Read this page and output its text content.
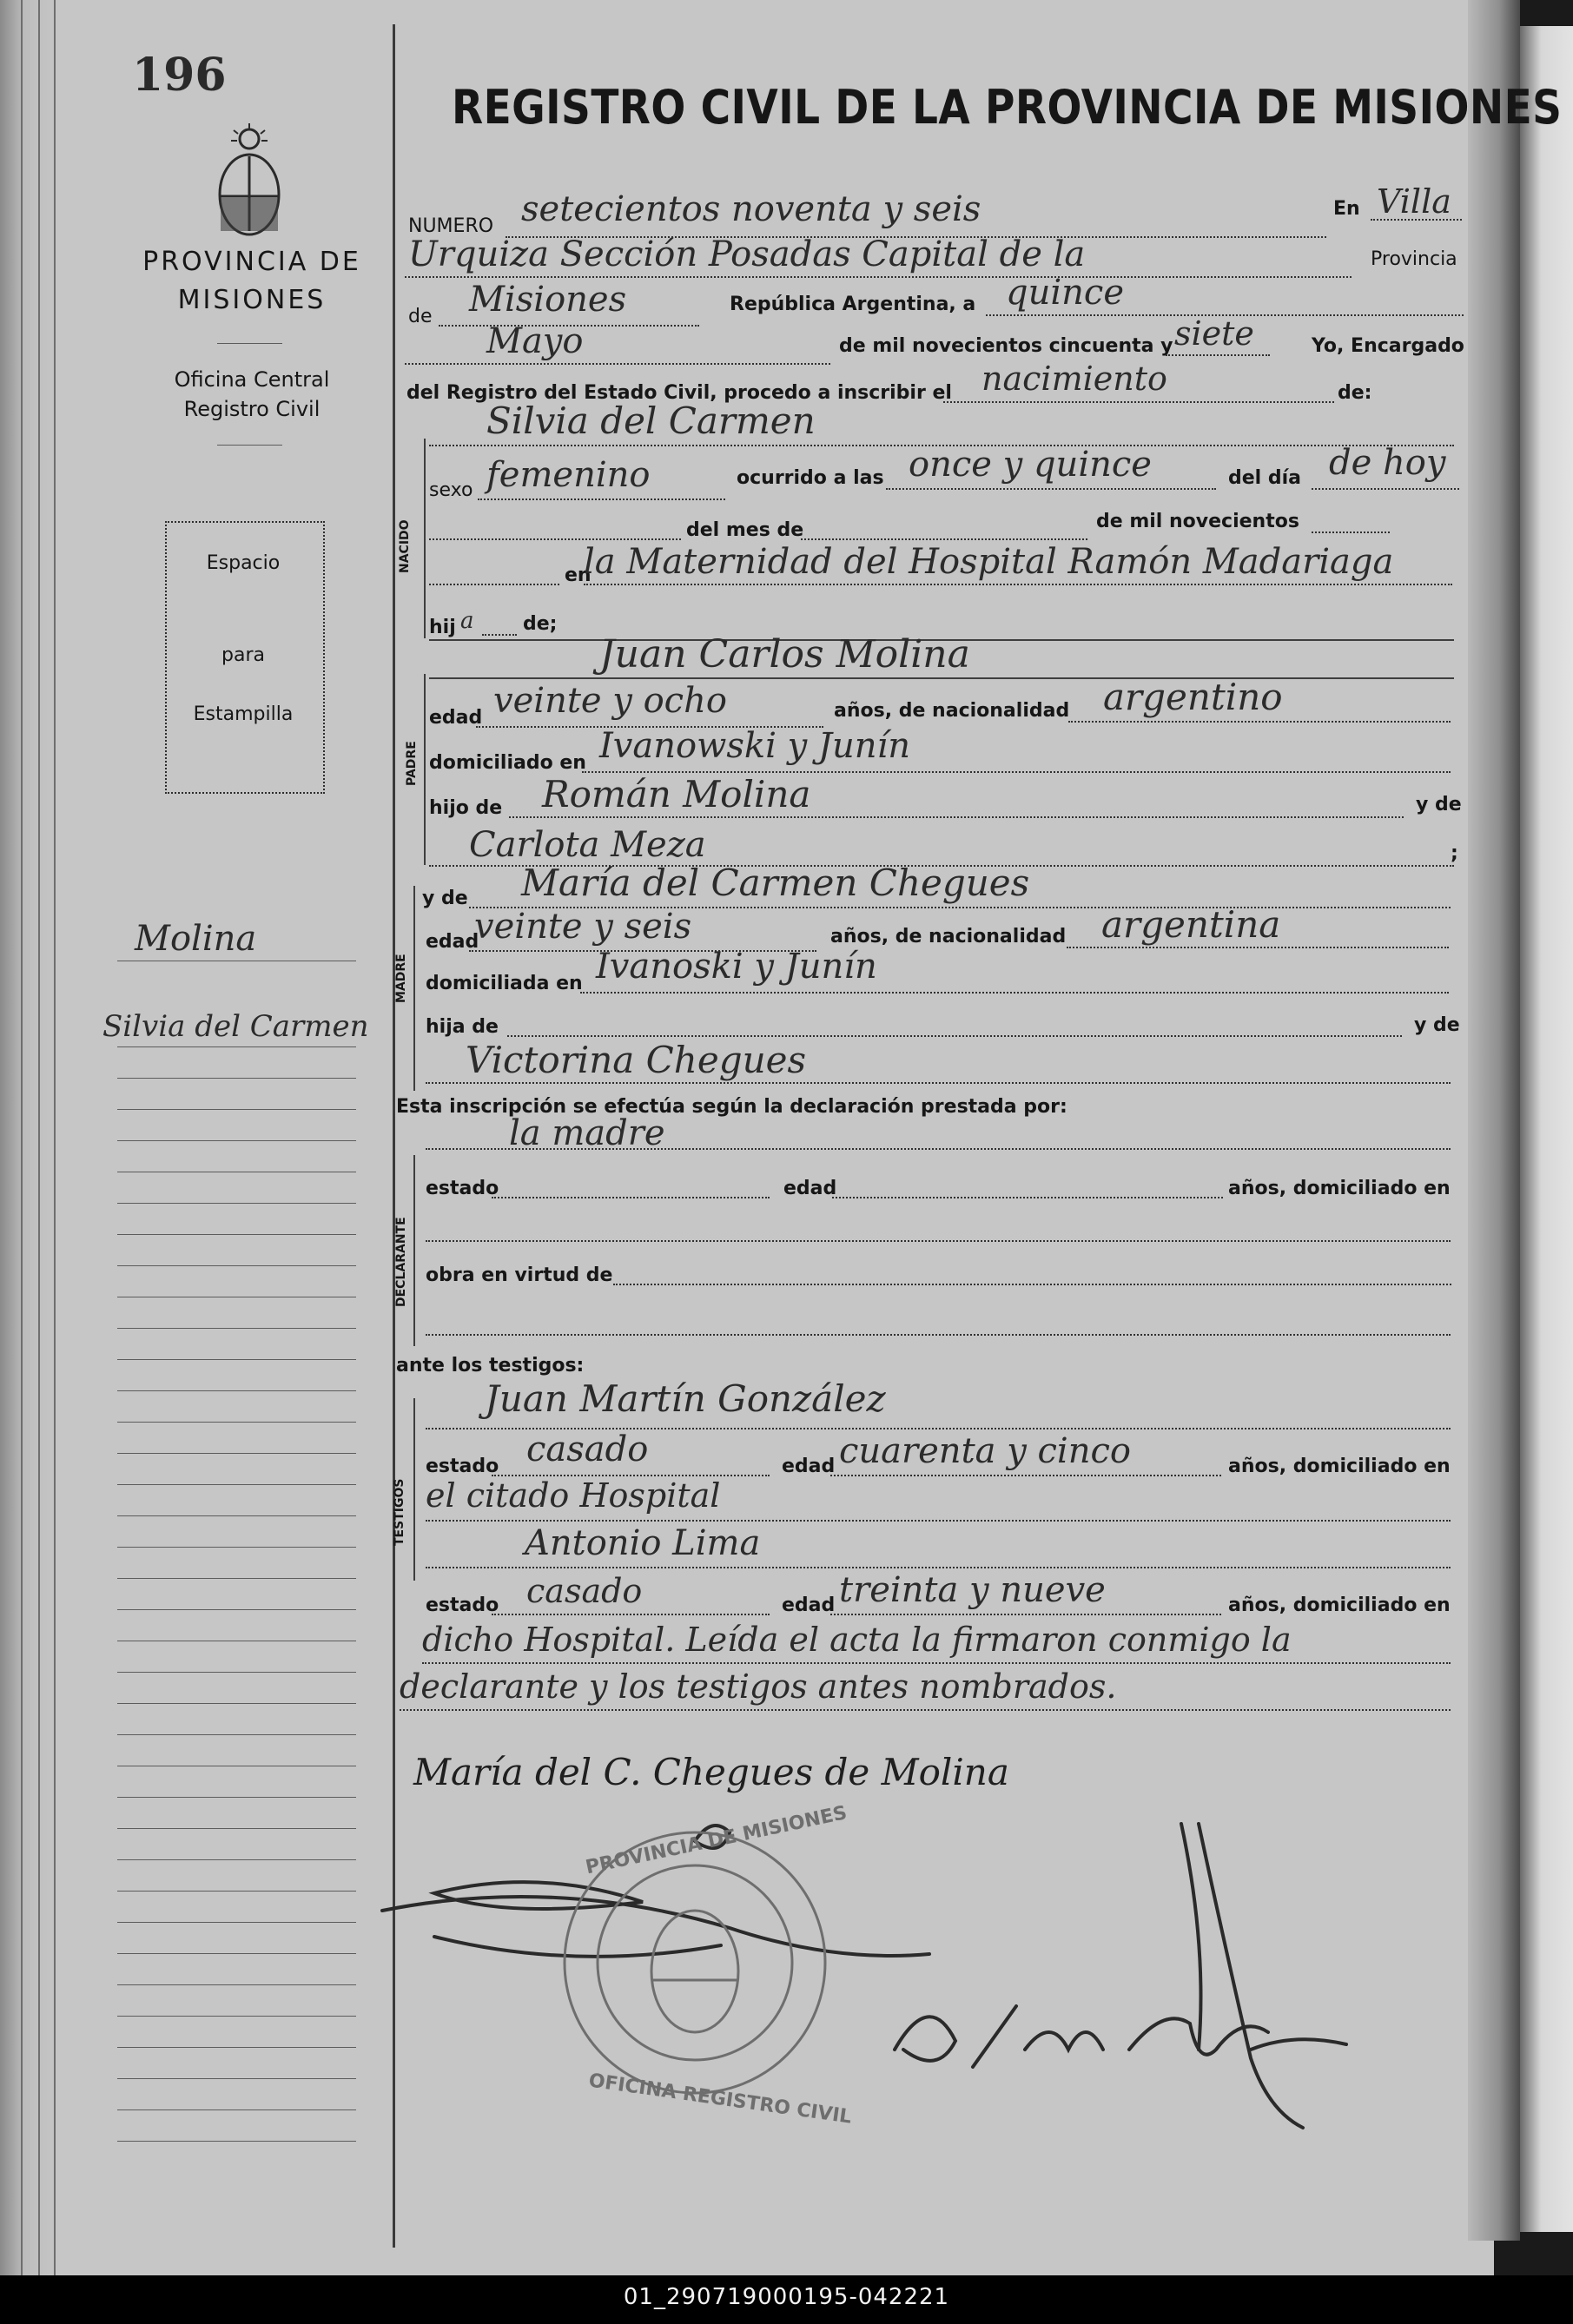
196
PROVINCIA DE
MISIONES
Oficina Central
Registro Civil
Espacio
para
Estampilla
Molina
Silvia del Carmen
REGISTRO CIVIL DE LA PROVINCIA DE MISIONES
NUMERO setecientos noventa y seis	En Villa
Urquiza Sección Posadas Capital de la	Provincia
de Misiones	República Argentina, a quince
Mayo	de mil novecientos cincuenta y siete	Yo, Encargado
del Registro del Estado Civil, procedo a inscribir el nacimiento	de:
NACIDO
Silvia del Carmen
sexo femenino	ocurrido a las once y quince	del día de hoy
del mes de	de mil novecientos
en
la Maternidad del Hospital Ramón Madariaga
hij a	de;
PADRE
Juan Carlos Molina
edad veinte y ocho	años, de nacionalidad argentino
domiciliado en Ivanowski y Junín
hijo de Román Molina	y de
Carlota Meza	;
MADRE
y de María del Carmen Chegues
edad
veinte y seis	años, de nacionalidad argentina
domiciliada en Ivanoski y Junín
hija de	y de
Victorina Chegues
Esta inscripción se efectúa según la declaración prestada por:
la madre
DECLARANTE
estado	edad	años, domiciliado en
obra en virtud de
ante los testigos:
TESTIGOS
Juan Martín González
estado casado	edad cuarenta y cinco	años, domiciliado en
el citado Hospital
Antonio Lima
estado casado	edad treinta y nueve	años, domiciliado en
dicho Hospital. Leída el acta la firmaron conmigo la
declarante y los testigos antes nombrados.
María del C. Chegues de Molina
PROVINCIA DE MISIONES
OFICINA REGISTRO CIVIL
01_290719000195-042221
